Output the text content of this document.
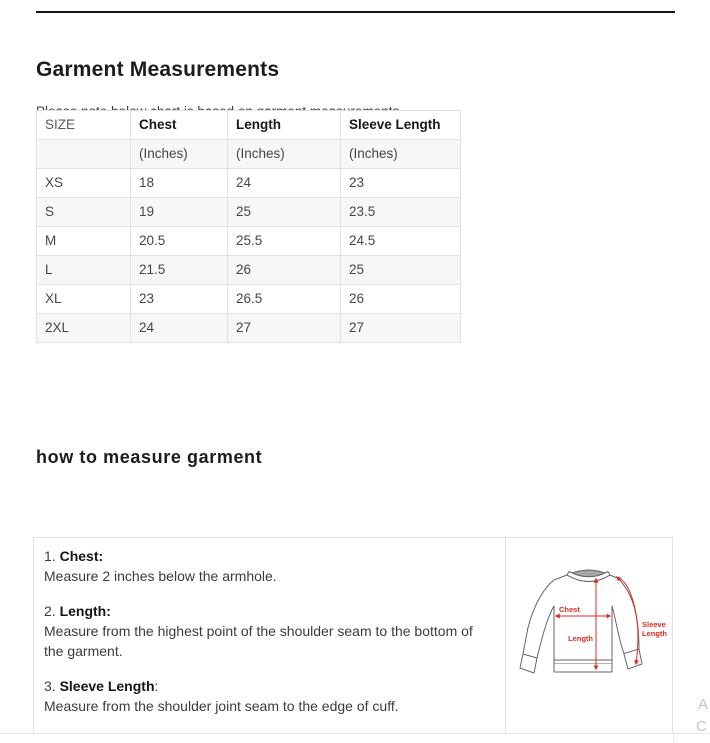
Garment Measurements

SIZE	Chest	Length	Sleeve Length
	(Inches)	(Inches)	(Inches)
XS	18	24	23
S	19	25	23.5
M	20.5	25.5	24.5
L	21.5	26	25
XL	23	26.5	26
2XL	24	27	27
how to measure garment
1. Chest:
Measure 2 inches below the armhole.
2. Length:
Measure from the highest point of the shoulder seam to the bottom of the garment.
3. Sleeve Length:
Measure from the shoulder joint seam to the edge of cuff.
Chest
Length
Sleeve
Length
A
C
